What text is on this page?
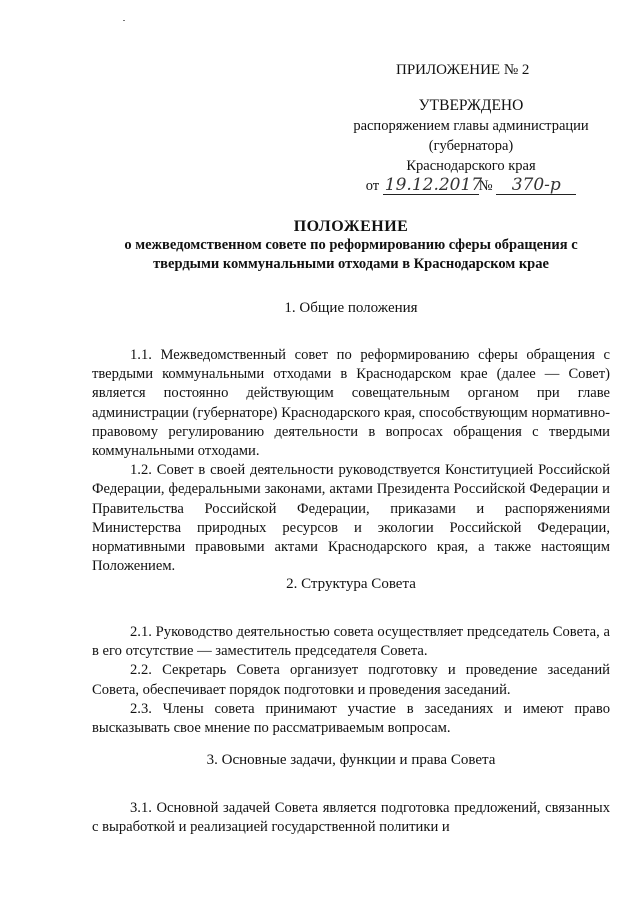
ПРИЛОЖЕНИЕ № 2
УТВЕРЖДЕНО
распоряжением главы администрации
(губернатора)
Краснодарского края
от 19.12.2017№ 370-р
ПОЛОЖЕНИЕ
о межведомственном совете по реформированию сферы обращения с
твердыми коммунальными отходами в Краснодарском крае
1. Общие положения

1.1. Межведомственный совет по реформированию сферы обращения с твердыми коммунальными отходами в Краснодарском крае (далее — Совет) является постоянно действующим совещательным органом при главе администрации (губернаторе) Краснодарского края, способствующим нормативно-правовому регулированию деятельности в вопросах обращения с твердыми коммунальными отходами.

1.2. Совет в своей деятельности руководствуется Конституцией Российской Федерации, федеральными законами, актами Президента Российской Федерации и Правительства Российской Федерации, приказами и распоряжениями Министерства природных ресурсов и экологии Российской Федерации, нормативными правовыми актами Краснодарского края, а также настоящим Положением.

2. Структура Совета

2.1. Руководство деятельностью совета осуществляет председатель Совета, а в его отсутствие — заместитель председателя Совета.

2.2. Секретарь Совета организует подготовку и проведение заседаний Совета, обеспечивает порядок подготовки и проведения заседаний.

2.3. Члены совета принимают участие в заседаниях и имеют право высказывать свое мнение по рассматриваемым вопросам.

3. Основные задачи, функции и права Совета

3.1. Основной задачей Совета является подготовка предложений, связанных с выработкой и реализацией государственной политики и
